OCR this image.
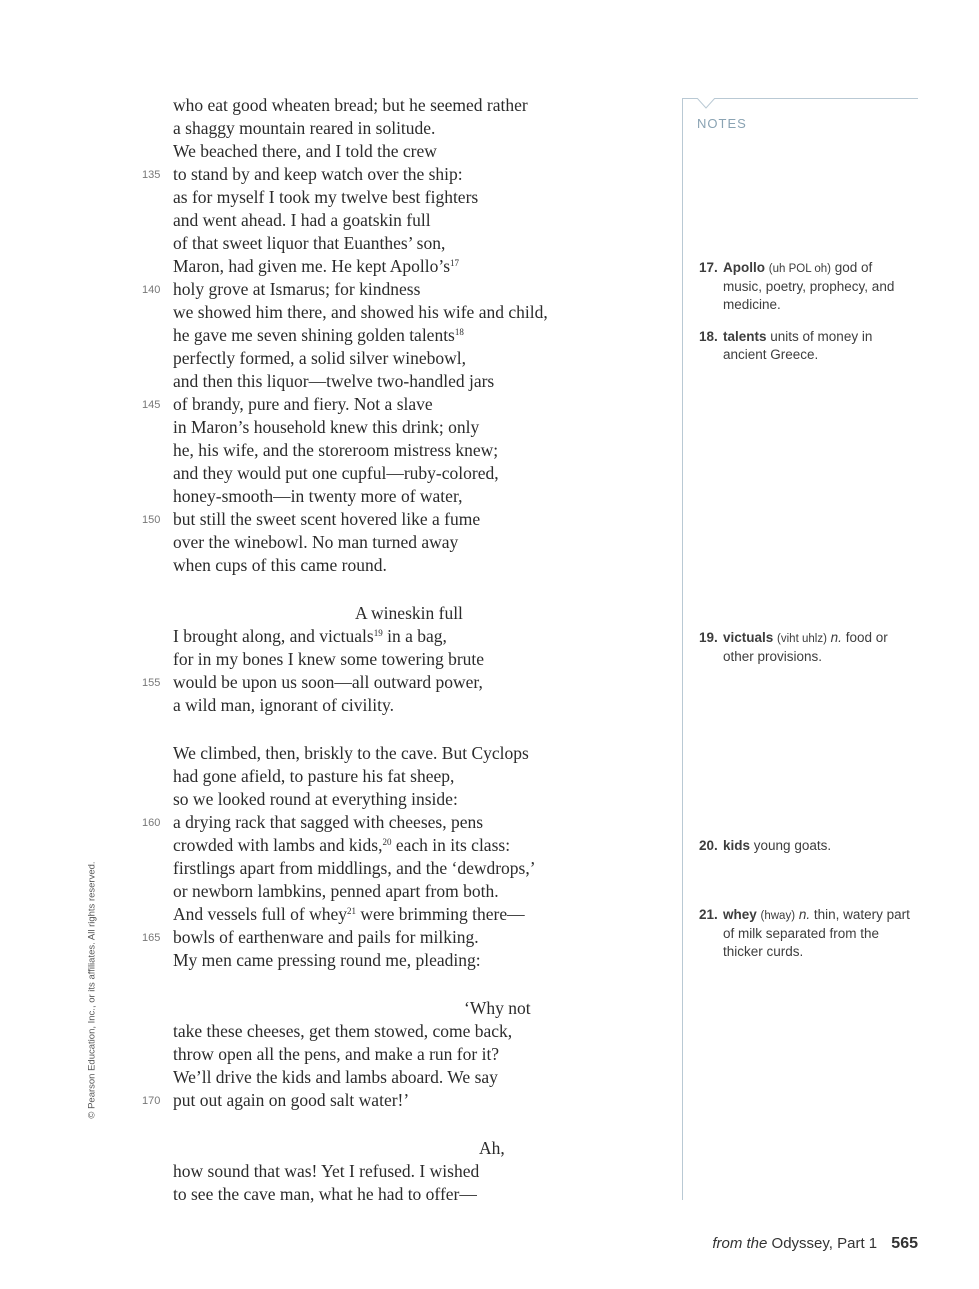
who eat good wheaten bread; but he seemed rather
a shaggy mountain reared in solitude.
We beached there, and I told the crew
135 to stand by and keep watch over the ship:
as for myself I took my twelve best fighters
and went ahead. I had a goatskin full
of that sweet liquor that Euanthes’ son,
Maron, had given me. He kept $Apollo’s^{17}$
140 holy grove at Ismarus; for kindness
we showed him there, and showed his wife and child,
he gave me seven shining golden talents$^{18}$
perfectly formed, a solid silver winebowl,
and then this liquor—twelve two-handled jars
145 of brandy, pure and fiery. Not a slave
in Maron’s household knew this drink; only
he, his wife, and the storeroom mistress knew;
and they would put one cupful—ruby-colored,
honey-smooth—in twenty more of water,
150 but still the sweet scent hovered like a fume
over the winebowl. No man turned away
when cups of this came round.
A wineskin full
I brought along, and victuals$^{19}$ in a bag,
for in my bones I knew some towering brute
155 would be upon us soon—all outward power,
a wild man, ignorant of civility.
We climbed, then, briskly to the cave. But Cyclops
had gone afield, to pasture his fat sheep,
so we looked round at everything inside:
160 a drying rack that sagged with cheeses, pens
crowded with lambs and kids,$^{20}$ each in its class:
firstlings apart from middlings, and the ‘dewdrops,’
or newborn lambkins, penned apart from both.
And vessels full of whey$^{21}$ were brimming there—
165 bowls of earthenware and pails for milking.
My men came pressing round me, pleading:
‘Why not
take these cheeses, get them stowed, come back,
throw open all the pens, and make a run for it?
We’ll drive the kids and lambs aboard. We say
170 put out again on good salt water!’
Ah,
how sound that was! Yet I refused. I wished
to see the cave man, what he had to offer—
NOTES
17. Apollo (uh POL oh) god of music, poetry, prophecy, and medicine.
18. talents units of money in ancient Greece.
19. victuals (viht uhlz) n. food or other provisions.
20. kids young goats.
21. whey (hway) n. thin, watery part of milk separated from the thicker curds.
© Pearson Education, Inc., or its affiliates. All rights reserved.
from the Odyssey, Part 1 565
